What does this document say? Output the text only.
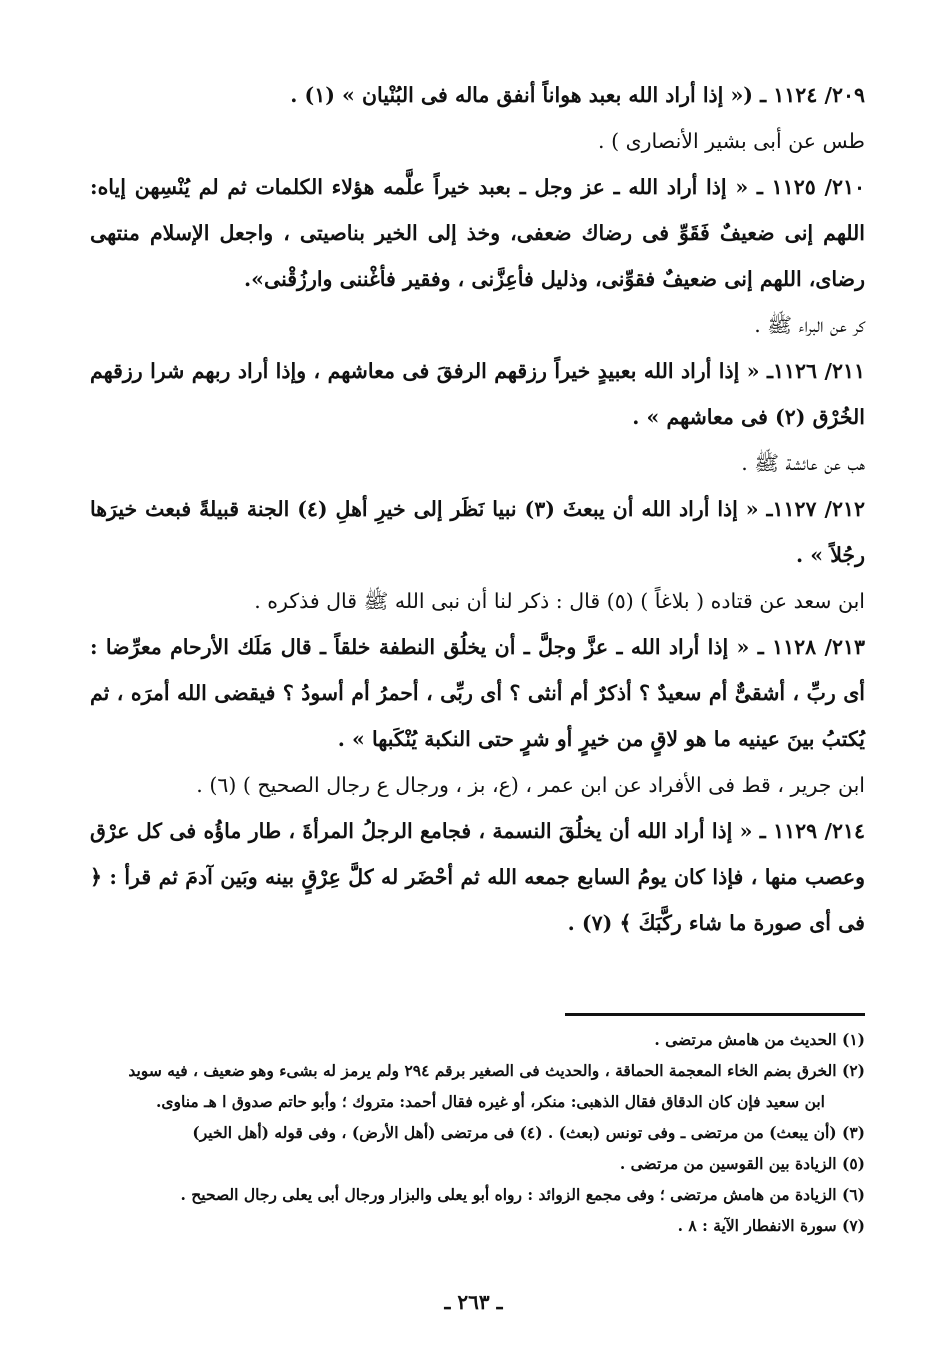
٢٠٩/ ١١٢٤ ـ (« إذا أراد الله بعبد هواناً أنفق ماله فى البُنْيان » (١) .

طس عن أبى بشير الأنصارى ) .

٢١٠/ ١١٢٥ ـ « إذا أراد الله ـ عز وجل ـ بعبد خيراً علَّمه هؤلاء الكلمات ثم لم يُنْسِهن إياه: اللهم إنى ضعيفٌ فَقَوِّ فى رضاك ضعفى، وخذ إلى الخير بناصيتى ، واجعل الإسلام منتهى رضاى، اللهم إنى ضعيفٌ فقوِّنى، وذليل فأعِزَّنى ، وفقير فأغْننى وارزُقْنى».

كر عن البراء ﷺ .

٢١١/ ١١٢٦ـ « إذا أراد الله بعبيدٍ خيراً رزقهم الرفقَ فى معاشهم ، وإذا أراد ربهم شرا رزقهم الخُرْق (٢) فى معاشهم » .

هب عن عائشة ﷺ .

٢١٢/ ١١٢٧ـ « إذا أراد الله أن يبعثَ (٣) نبيا نَظَر إلى خيرِ أهلِ (٤) الجنة قبيلةً فبعث خيرَها رجُلاً » .

ابن سعد عن قتاده ( بلاغاً ) (٥) قال : ذكر لنا أن نبى الله ﷺ قال فذكره .

٢١٣/ ١١٢٨ ـ « إذا أراد الله ـ عزَّ وجلَّ ـ أن يخلُق النطفة خلقاً ـ قال مَلَك الأرحام معرِّضا : أى ربِّ ، أشقىٌّ أم سعيدٌ ؟ أذكرٌ أم أنثى ؟ أى ربِّى ، أحمرُ أم أسودُ ؟ فيقضى الله أمرَه ، ثم يُكتبُ بينَ عينيه ما هو لاقٍ من خيرٍ أو شرٍ حتى النكبة يُنْكَبها » .

ابن جرير ، قط فى الأفراد عن ابن عمر ، (ع، بز ، ورجال ع رجال الصحيح ) (٦) .

٢١٤/ ١١٢٩ ـ « إذا أراد الله أن يخلُقَ النسمة ، فجامع الرجلُ المرأةَ ، طار ماؤُه فى كل عرْق وعصب منها ، فإذا كان يومُ السابع جمعه الله ثم أحْضَر له كلَّ عِرْقٍ بينه وبَين آدمَ ثم قرأ : ﴿ فى أى صورة ما شاء ركَّبَكَ ﴾ (٧) .

(١) الحديث من هامش مرتضى .

(٢) الخرق بضم الخاء المعجمة الحماقة ، والحديث فى الصغير برقم ٢٩٤ ولم يرمز له بشىء وهو ضعيف ، فيه سويد

ابن سعيد فإن كان الدقاق فقال الذهبى: منكر، أو غيره فقال أحمد: متروك ؛ وأبو حاتم صدوق ا هـ مناوى.

(٣) (أن يبعث) من مرتضى ـ وفى تونس (بعث) . (٤) فى مرتضى (أهل الأرض) ، وفى قوله (أهل الخير)

(٥) الزيادة بين القوسين من مرتضى .

(٦) الزيادة من هامش مرتضى ؛ وفى مجمع الزوائد : رواه أبو يعلى والبزار ورجال أبى يعلى رجال الصحيح .

(٧) سورة الانفطار الآية : ٨ .

ـ ٢٦٣ ـ
